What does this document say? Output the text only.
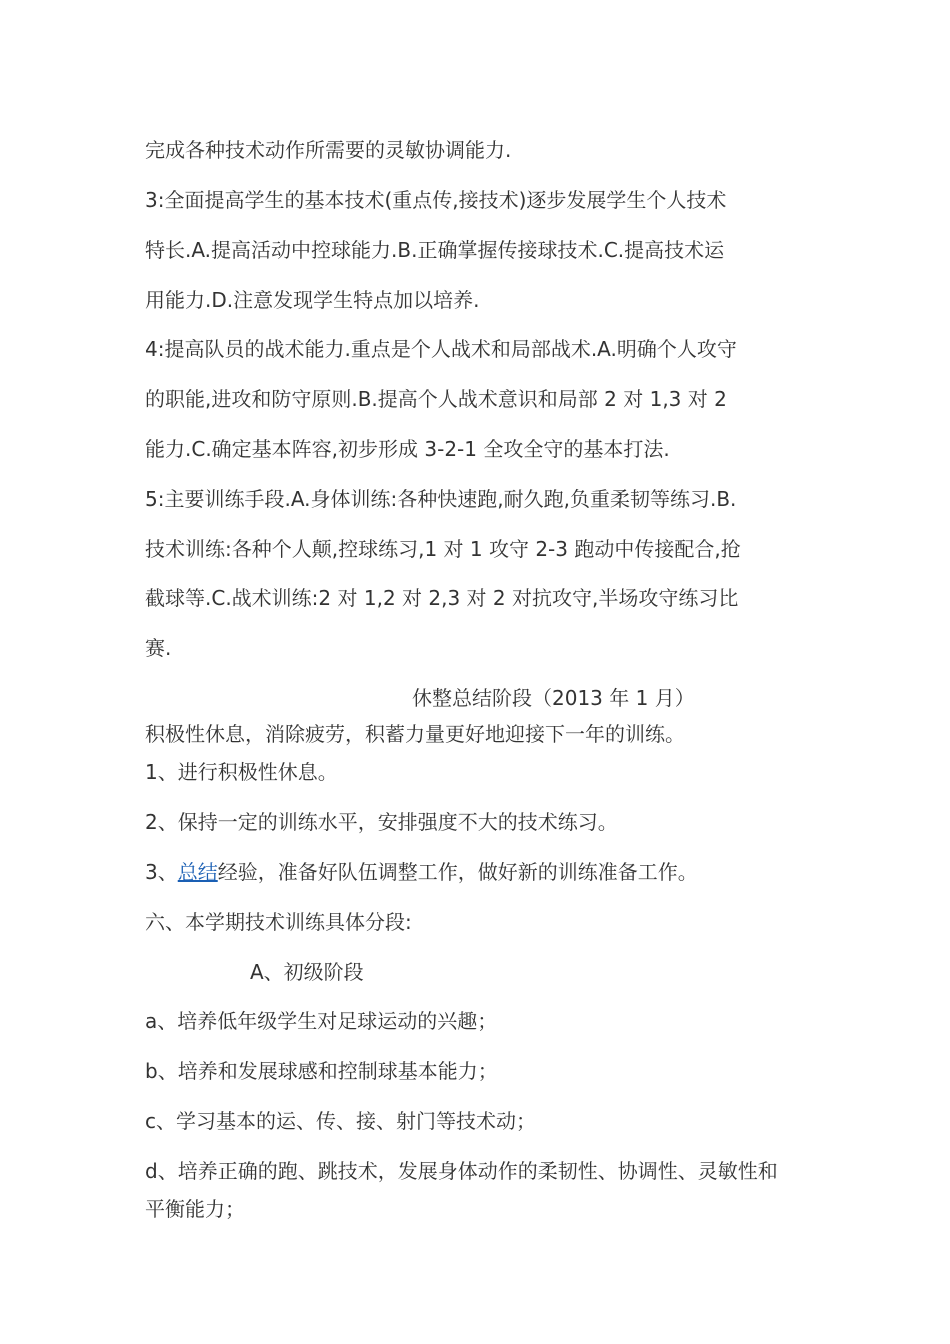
完成各种技术动作所需要的灵敏协调能力.

3:全面提高学生的基本技术(重点传,接技术)逐步发展学生个人技术

特长.A.提高活动中控球能力.B.正确掌握传接球技术.C.提高技术运

用能力.D.注意发现学生特点加以培养.

4:提高队员的战术能力.重点是个人战术和局部战术.A.明确个人攻守

的职能,进攻和防守原则.B.提高个人战术意识和局部 2 对 1,3 对 2

能力.C.确定基本阵容,初步形成 3-2-1 全攻全守的基本打法.

5:主要训练手段.A.身体训练:各种快速跑,耐久跑,负重柔韧等练习.B.

技术训练:各种个人颠,控球练习,1 对 1 攻守 2-3 跑动中传接配合,抢

截球等.C.战术训练:2 对 1,2 对 2,3 对 2 对抗攻守,半场攻守练习比

赛.

休整总结阶段（2013 年 1 月）

积极性休息，消除疲劳，积蓄力量更好地迎接下一年的训练。

1、进行积极性休息。

2、保持一定的训练水平，安排强度不大的技术练习。

3、总结经验，准备好队伍调整工作，做好新的训练准备工作。

六、本学期技术训练具体分段:

A、初级阶段

a、培养低年级学生对足球运动的兴趣；

b、培养和发展球感和控制球基本能力；

c、学习基本的运、传、接、射门等技术动；

d、培养正确的跑、跳技术，发展身体动作的柔韧性、协调性、灵敏性和

平衡能力；
